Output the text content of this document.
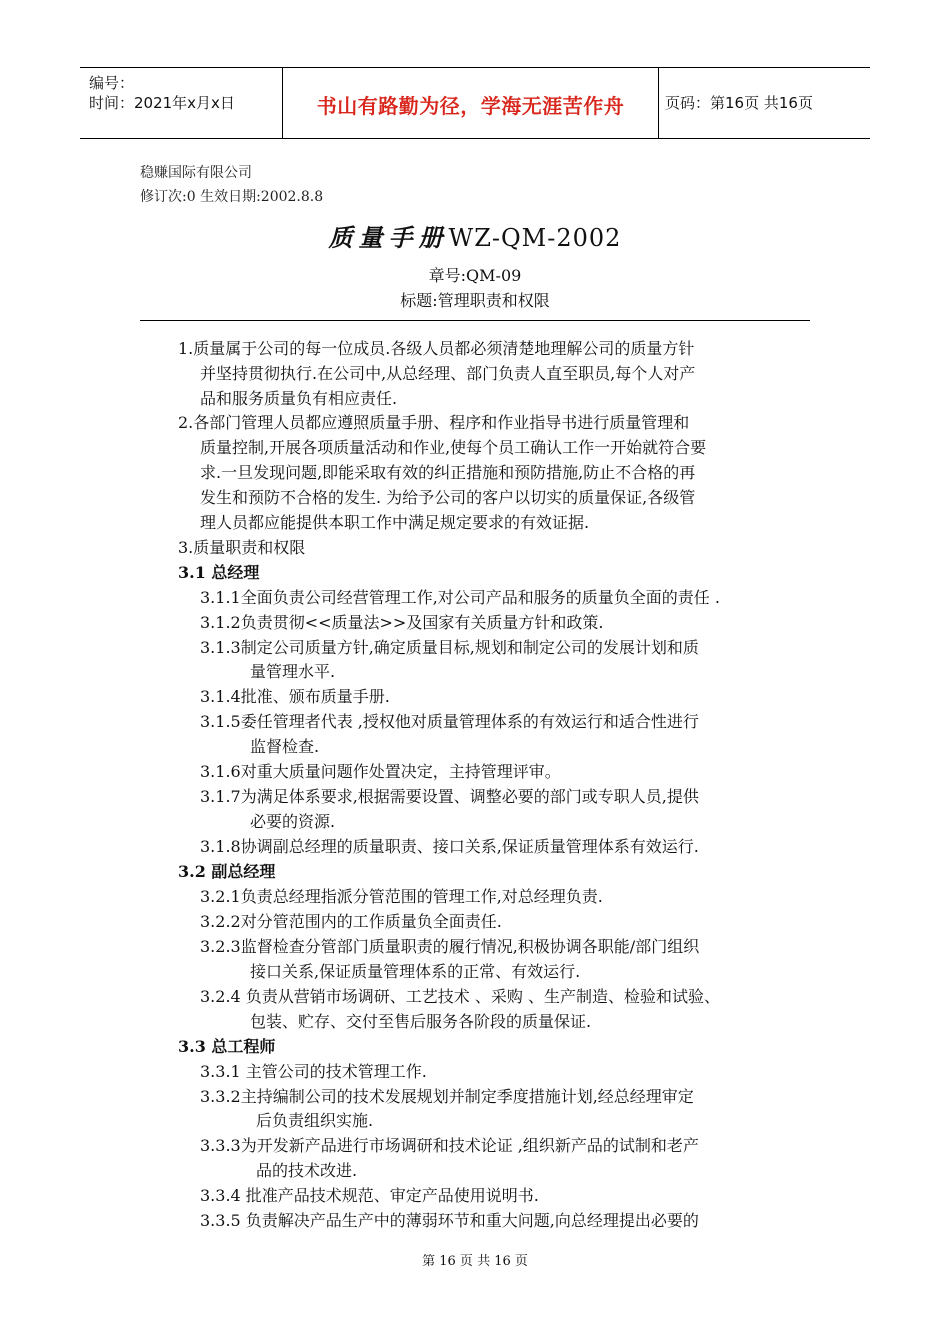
编号：
时间：2021年x月x日	书山有路勤为径，学海无涯苦作舟	页码：第16页 共16页
稳赚国际有限公司
修订次:0 生效日期:2002.8.8
质量手册WZ-QM-2002
章号:QM-09
标题:管理职责和权限
1.质量属于公司的每一位成员.各级人员都必须清楚地理解公司的质量方针
并坚持贯彻执行.在公司中,从总经理、部门负责人直至职员,每个人对产
品和服务质量负有相应责任.
2.各部门管理人员都应遵照质量手册、程序和作业指导书进行质量管理和
质量控制,开展各项质量活动和作业,使每个员工确认工作一开始就符合要
求.一旦发现问题,即能采取有效的纠正措施和预防措施,防止不合格的再
发生和预防不合格的发生. 为给予公司的客户以切实的质量保证,各级管
理人员都应能提供本职工作中满足规定要求的有效证据.
3.质量职责和权限
3.1 总经理
3.1.1全面负责公司经营管理工作,对公司产品和服务的质量负全面的责任 .
3.1.2负责贯彻<<质量法>>及国家有关质量方针和政策.
3.1.3制定公司质量方针,确定质量目标,规划和制定公司的发展计划和质
量管理水平.
3.1.4批准、颁布质量手册.
3.1.5委任管理者代表 ,授权他对质量管理体系的有效运行和适合性进行
监督检查.
3.1.6对重大质量问题作处置决定，主持管理评审。
3.1.7为满足体系要求,根据需要设置、调整必要的部门或专职人员,提供
必要的资源.
3.1.8协调副总经理的质量职责、接口关系,保证质量管理体系有效运行.
3.2 副总经理
3.2.1负责总经理指派分管范围的管理工作,对总经理负责.
3.2.2对分管范围内的工作质量负全面责任.
3.2.3监督检查分管部门质量职责的履行情况,积极协调各职能/部门组织
接口关系,保证质量管理体系的正常、有效运行.
3.2.4 负责从营销市场调研、工艺技术 、采购 、生产制造、检验和试验、
包装、贮存、交付至售后服务各阶段的质量保证.
3.3 总工程师
3.3.1 主管公司的技术管理工作.
3.3.2主持编制公司的技术发展规划并制定季度措施计划,经总经理审定
后负责组织实施.
3.3.3为开发新产品进行市场调研和技术论证 ,组织新产品的试制和老产
品的技术改进.
3.3.4 批准产品技术规范、审定产品使用说明书.
3.3.5 负责解决产品生产中的薄弱环节和重大问题,向总经理提出必要的
第 16 页 共 16 页
